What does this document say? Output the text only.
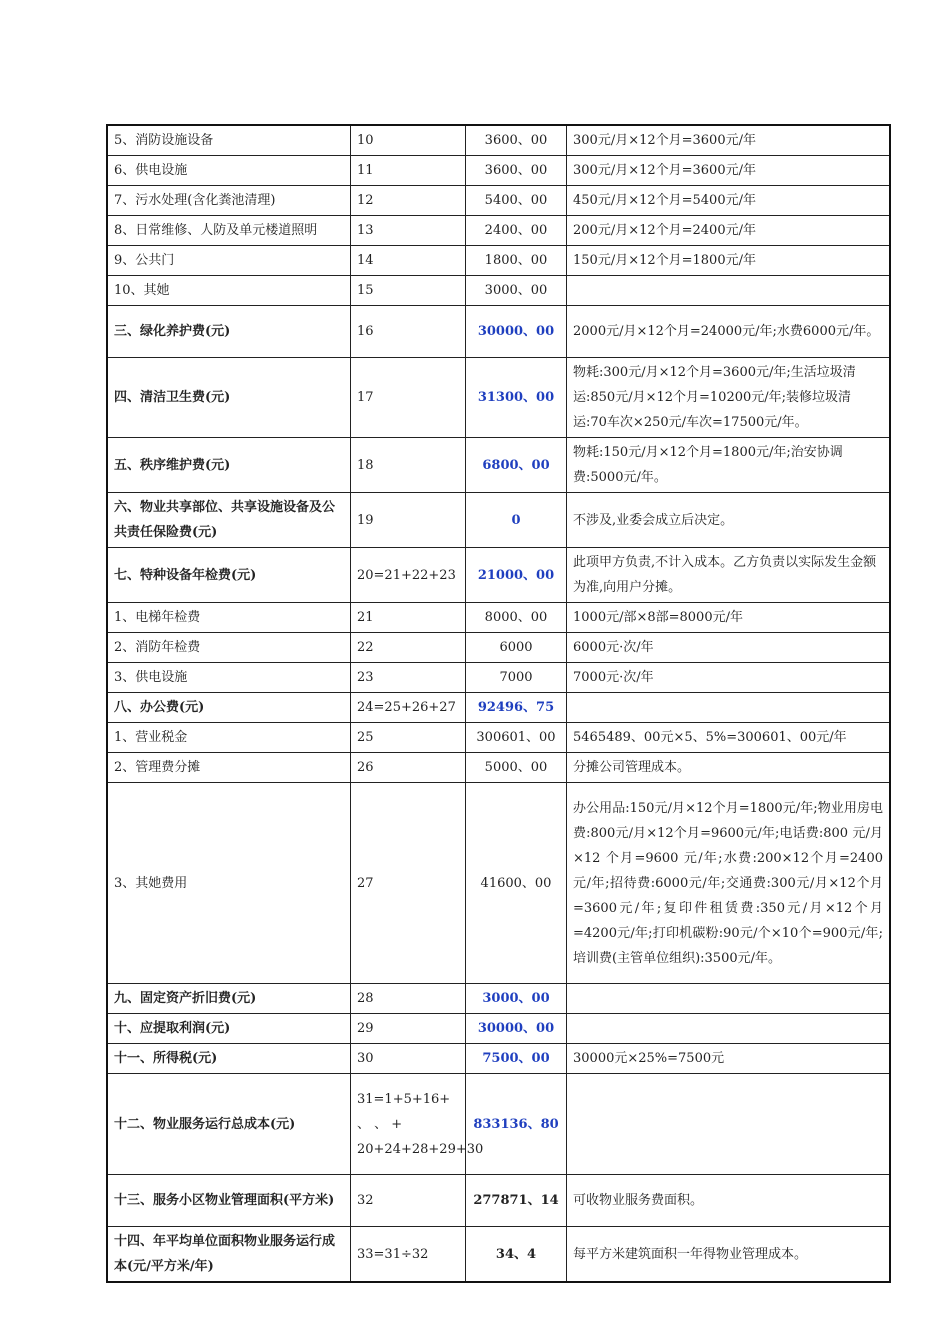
5、消防设施设备	10	3600、00	300元/月×12个月=3600元/年
6、供电设施	11	3600、00	300元/月×12个月=3600元/年
7、污水处理(含化粪池清理)	12	5400、00	450元/月×12个月=5400元/年
8、日常维修、人防及单元楼道照明	13	2400、00	200元/月×12个月=2400元/年
9、公共门	14	1800、00	150元/月×12个月=1800元/年
10、其她	15	3000、00	
三、绿化养护费(元)	16	30000、00	2000元/月×12个月=24000元/年;水费6000元/年。
四、清洁卫生费(元)	17	31300、00	物耗:300元/月×12个月=3600元/年;生活垃圾清运:850元/月×12个月=10200元/年;装修垃圾清运:70车次×250元/车次=17500元/年。
五、秩序维护费(元)	18	6800、00	物耗:150元/月×12个月=1800元/年;治安协调费:5000元/年。
六、物业共享部位、共享设施设备及公共责任保险费(元)	19	0	不涉及,业委会成立后决定。
七、特种设备年检费(元)	20=21+22+23	21000、00	此项甲方负责,不计入成本。乙方负责以实际发生金额为准,向用户分摊。
1、电梯年检费	21	8000、00	1000元/部×8部=8000元/年
2、消防年检费	22	6000	6000元·次/年
3、供电设施	23	7000	7000元·次/年
八、办公费(元)	24=25+26+27	92496、75	
1、营业税金	25	300601、00	5465489、00元×5、5%=300601、00元/年
2、管理费分摊	26	5000、00	分摊公司管理成本。
3、其她费用	27	41600、00	办公用品:150元/月×12个月=1800元/年;物业用房电费:800元/月×12个月=9600元/年;电话费:800 元/月×12 个月=9600 元/年;水费:200×12个月=2400元/年;招待费:6000元/年;交通费:300元/月×12个月=3600元/年;复印件租赁费:350元/月×12个月=4200元/年;打印机碳粉:90元/个×10个=900元/年;培训费(主管单位组织):3500元/年。
九、固定资产折旧费(元)	28	3000、00	
十、应提取利润(元)	29	30000、00	
十一、所得税(元)	30	7500、00	30000元×25%=7500元
十二、物业服务运行总成本(元)	31=1+5+16+ 、 、 + 20+24+28+29+30	833136、80	
十三、服务小区物业管理面积(平方米)	32	277871、14	可收物业服务费面积。
十四、年平均单位面积物业服务运行成本(元/平方米/年)	33=31÷32	34、4	每平方米建筑面积一年得物业管理成本。
